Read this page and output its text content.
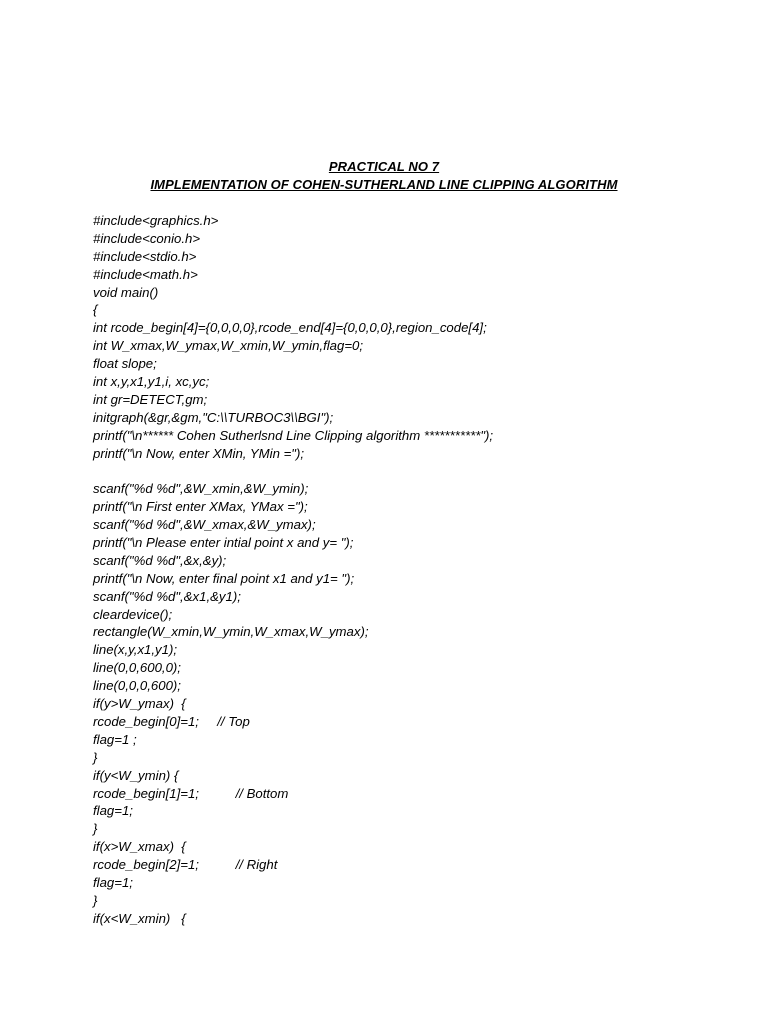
PRACTICAL NO 7
IMPLEMENTATION OF COHEN-SUTHERLAND LINE CLIPPING ALGORITHM
#include<graphics.h>
#include<conio.h>
#include<stdio.h>
#include<math.h>
void main()
{
int rcode_begin[4]={0,0,0,0},rcode_end[4]={0,0,0,0},region_code[4];
int W_xmax,W_ymax,W_xmin,W_ymin,flag=0;
float slope;
int x,y,x1,y1,i, xc,yc;
int gr=DETECT,gm;
initgraph(&gr,&gm,"C:\\TURBOC3\\BGI");
printf("\n****** Cohen Sutherlsnd Line Clipping algorithm ***********");
printf("\n Now, enter XMin, YMin =");
scanf("%d %d",&W_xmin,&W_ymin);
printf("\n First enter XMax, YMax =");
scanf("%d %d",&W_xmax,&W_ymax);
printf("\n Please enter intial point x and y= ");
scanf("%d %d",&x,&y);
printf("\n Now, enter final point x1 and y1= ");
scanf("%d %d",&x1,&y1);
cleardevice();
rectangle(W_xmin,W_ymin,W_xmax,W_ymax);
line(x,y,x1,y1);
line(0,0,600,0);
line(0,0,0,600);
if(y>W_ymax)  {
rcode_begin[0]=1;     // Top
flag=1 ;
}
if(y<W_ymin) {
rcode_begin[1]=1;          // Bottom
flag=1;
}
if(x>W_xmax)  {
rcode_begin[2]=1;          // Right
flag=1;
}
if(x<W_xmin)   {
